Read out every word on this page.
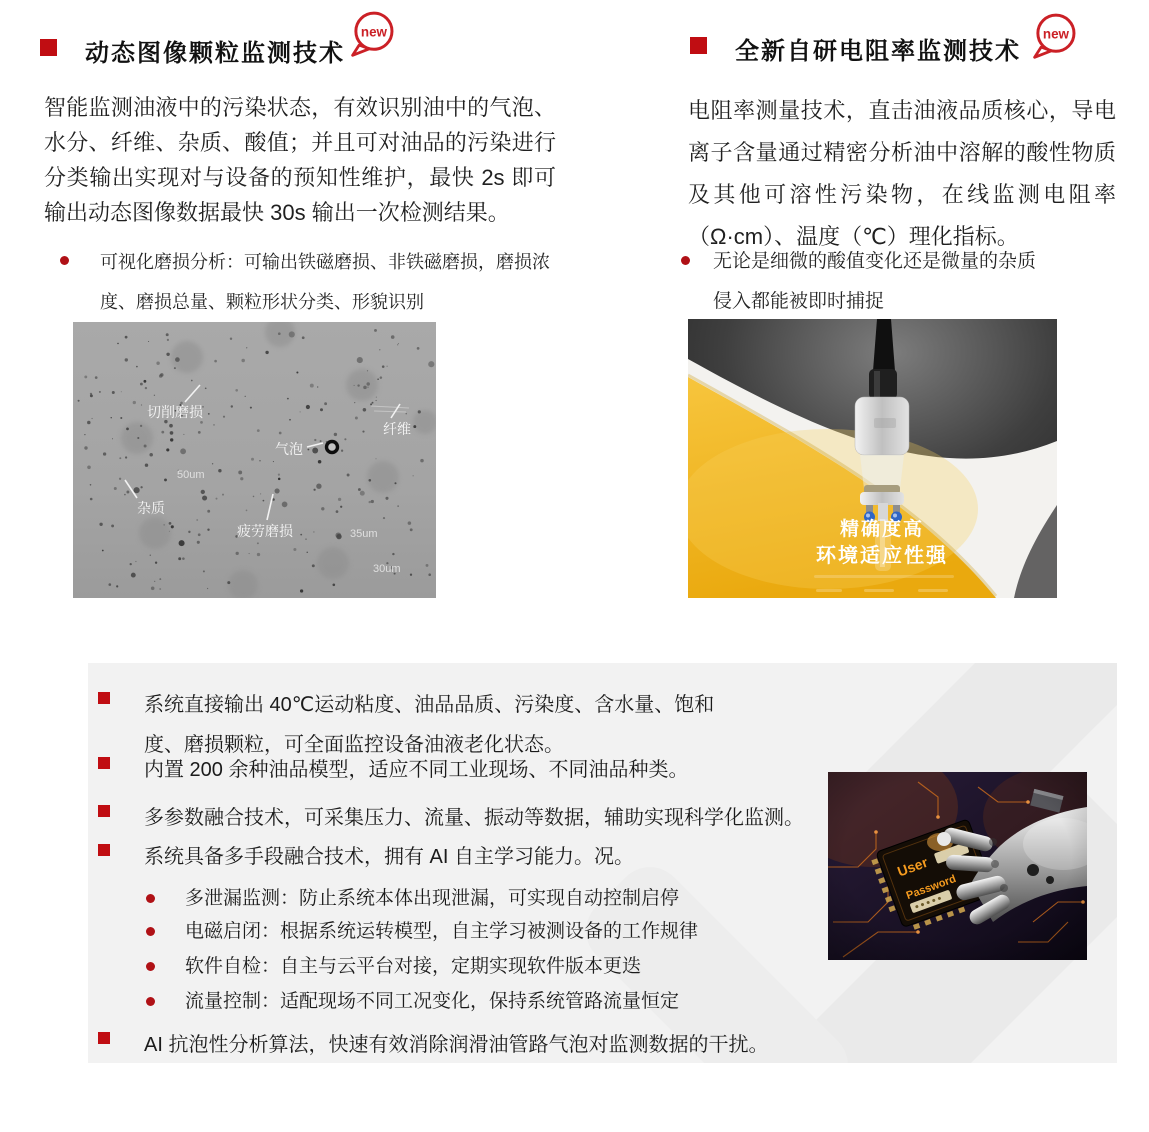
动态图像颗粒监测技术
new
智能监测油液中的污染状态，有效识别油中的气泡、水分、纤维、杂质、酸值；并且可对油品的污染进行分类输出实现对与设备的预知性维护，最快 2s 即可输出动态图像数据最快 30s 输出一次检测结果。
可视化磨损分析：可输出铁磁磨损、非铁磁磨损，磨损浓度、磨损总量、颗粒形状分类、形貌识别
切削磨损
纤维
气泡
杂质
疲劳磨损
50um
35um
30um
全新自研电阻率监测技术
new
电阻率测量技术，直击油液品质核心，导电离子含量通过精密分析油中溶解的酸性物质及其他可溶性污染物，在线监测电阻率（Ω·cm）、温度（℃）理化指标。
无论是细微的酸值变化还是微量的杂质侵入都能被即时捕捉
精确度高
环境适应性强
系统直接输出 40℃运动粘度、油品品质、污染度、含水量、饱和度、磨损颗粒，可全面监控设备油液老化状态。
内置 200 余种油品模型，适应不同工业现场、不同油品种类。
多参数融合技术，可采集压力、流量、振动等数据，辅助实现科学化监测。
系统具备多手段融合技术，拥有 AI 自主学习能力。况。
多泄漏监测：防止系统本体出现泄漏，可实现自动控制启停
电磁启闭：根据系统运转模型，自主学习被测设备的工作规律
软件自检：自主与云平台对接，定期实现软件版本更迭
流量控制：适配现场不同工况变化，保持系统管路流量恒定
AI 抗泡性分析算法，快速有效消除润滑油管路气泡对监测数据的干扰。
